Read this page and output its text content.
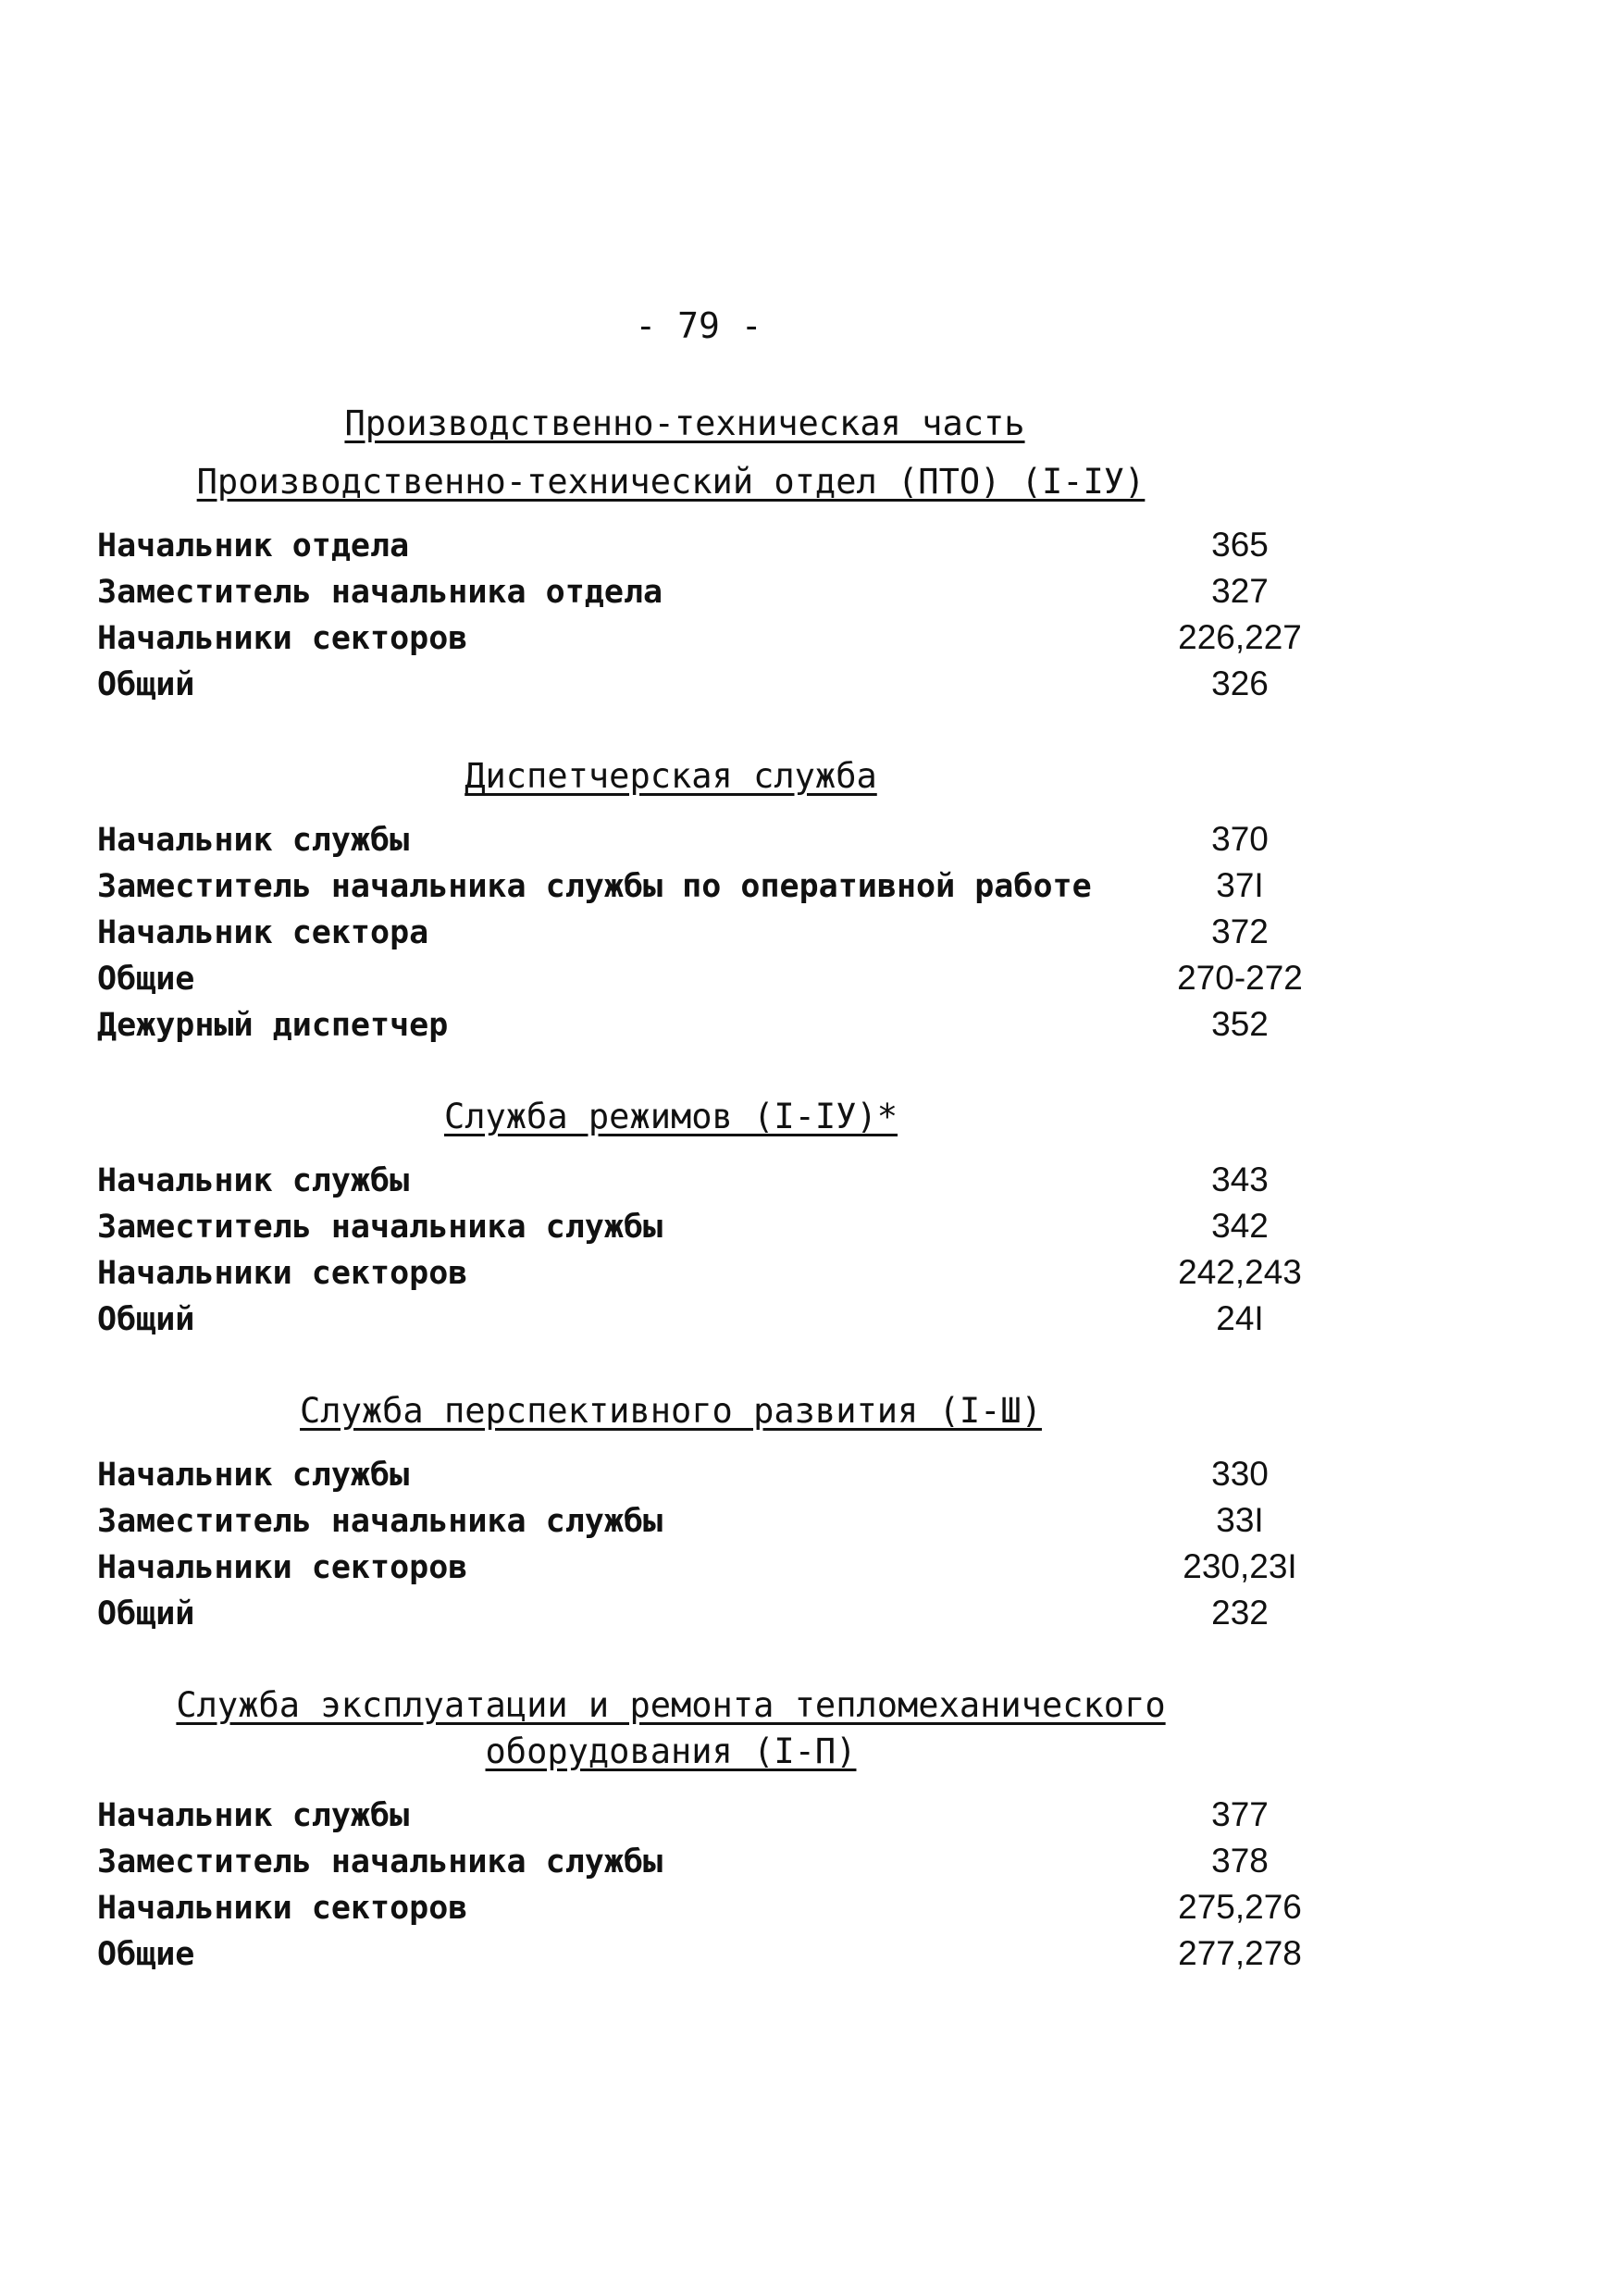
- 79 -
Производственно-техническая часть
Производственно-технический отдел (ПТО) (I-IУ)
Начальник отдела	365
Заместитель начальника отдела	327
Начальники секторов	226,227
Общий	326
Диспетчерская служба
Начальник службы	370
Заместитель начальника службы по оперативной работе	37I
Начальник сектора	372
Общие	270-272
Дежурный диспетчер	352
Служба режимов (I-IУ)*
Начальник службы	343
Заместитель начальника службы	342
Начальники секторов	242,243
Общий	24I
Служба перспективного развития (I-Ш)
Начальник службы	330
Заместитель начальника службы	33I
Начальники секторов	230,23I
Общий	232
Служба эксплуатации и ремонта тепломеханического
оборудования (I-П)
Начальник службы	377
Заместитель начальника службы	378
Начальники секторов	275,276
Общие	277,278
